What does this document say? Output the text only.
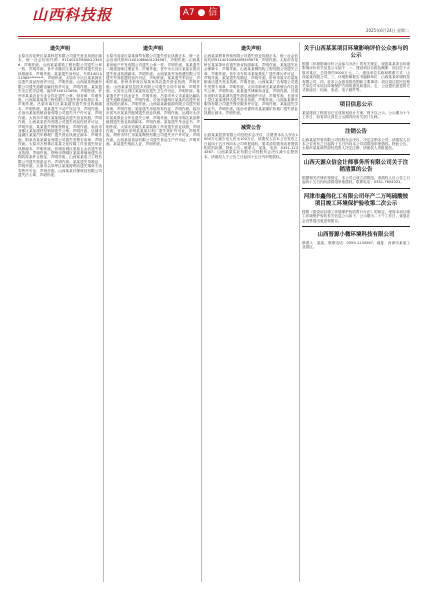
山西科技报	A7 ● 信息	2025年6月24日 星期二
遗失声明

太原市杏花岭区某某科技有限公司遗失营业执照正副本，统一社会信用代码：91140107MA0K123456，声明作废。山西某某建筑工程有限公司遗失公章一枚，声明作废。晋中市榆次区某某商贸部遗失营业执照副本，声明作废。某某遗失身份证，号码1401021985********，声明作废。太原市小店区某某餐饮店遗失食品经营许可证，声明作废。山西某某物流有限公司遗失道路运输经营许可证，声明作废。某某遗失出生医学证明，编号P140123456，声明作废。忻州市某某农业专业合作社遗失公章、财务章，声明作废。山西某某装饰工程有限公司遗失营业执照正本，声明作废。吕梁市离石区某某超市遗失营业执照副本，声明作废。某某遗失不动产权证书，声明作废。长治市某某机械设备有限公司遗失开户许可证，声明作废。大同市平城区某某服装店遗失营业执照，声明作废。山西某某医药有限公司遗失药品经营许可证，声明作废。某某遗失教师资格证，声明作废。临汾市尧都区某某建材经销部遗失公章，声明作废。运城市盐湖区某某汽车修理厂遗失营业执照正副本，声明作废。阳泉市某某煤业有限公司遗失发票专用章，声明作废。太原市万柏林区某某文化传媒工作室遗失营业执照副本，声明作废。晋城市城区某某五金店遗失营业执照，声明作废。朔州市朔城区某某养殖场遗失动物防疫条件合格证，声明作废。山西某某电力工程有限公司遗失资质证书，声明作废。某某遗失驾驶证，声明作废。太原市尖草坪区某某便利店遗失烟草专卖零售许可证，声明作废。山西某某环保科技有限公司遗失法人章，声明作废。

遗失声明

太原市迎泽区某某商贸有限公司遗失营业执照正本，统一社会信用代码91140106MA0L234567，声明作废。山西某某房地产开发有限公司遗失公章一枚，声明作废。某某遗失二级建造师注册证书，声明作废。晋中市太谷区某某农资店遗失营业执照副本，声明作废。山西某某劳务派遣有限公司遗失劳务派遣经营许可证，声明作废。某某遗失军官证，声明作废。忻州市忻府区某某家具店遗失营业执照，声明作废。山西某某信息技术有限公司遗失合同专用章，声明作废。大同市云冈区某某饭店遗失卫生许可证，声明作废。某某遗失护士执业证书，声明作废。吕梁市孝义市某某运输队遗失道路运输证，声明作废。长治市潞州区某某药店遗失营业执照正副本，声明作废。山西某某新能源有限公司遗失财务章，声明作废。某某遗失房屋所有权证，声明作废。临汾市侯马市某某汽配城遗失营业执照，声明作废。运城市永济市某某果业合作社遗失公章，声明作废。阳泉市郊区某某种植园遗失营业执照副本，声明作废。某某遗失毕业证书，声明作废。太原市晋源区某某装修工作室遗失营业执照，声明作废。晋城市泽州县某某石料厂遗失采矿许可证，声明作废。朔州市怀仁市某某陶瓷有限公司遗失开户许可证，声明作废。山西某某食品有限公司遗失食品生产许可证，声明作废。某某遗失残疾人证，声明作废。

遗失声明

山西某某教育咨询有限公司遗失营业执照正本，统一社会信用代码91140105MA0M345678，声明作废。太原市杏花岭区某某茶叶店遗失营业执照副本，声明作废。某某遗失社会保障卡，声明作废。山西某某钢结构工程有限公司遗失公章，声明作废。晋中市介休市某某焦化厂遗失排污许可证，声明作废。某某遗失结婚证，声明作废。忻州市原平市某某粮油店遗失营业执照，声明作废。山西某某广告有限公司遗失发票专用章，声明作废。大同市新荣区某某养殖合作社遗失公章，声明作废。某某遗失律师执业证，声明作废。吕梁市汾阳市某某酒坊遗失酒类流通许可证，声明作废。长治市上党区某某建材店遗失营业执照，声明作废。山西某某保安服务有限公司遗失保安服务许可证，声明作废。某某遗失学位证书，声明作废。临汾市霍州市某某煤矿机械厂遗失营业执照正副本，声明作废。

减资公告

山西某某投资有限公司经股东会决议，注册资本由人民币1000万元减少至人民币100万元，请债权人自本公告发布之日起四十五日内向本公司申报债权，要求清偿债务或者提供相应的担保。特此公告。联系人：某某，电话：0351-1234567。山西某某实业有限公司经股东会决议减少注册资本，请债权人于公告之日起四十五日内申报债权。

关于山西某某项目环境影响评价公众参与的公示

根据《环境影响评价公众参与办法》的有关规定，现将某某项目环境影响评价有关信息公示如下：一、建设项目名称及概要：项目位于太原市某区，总投资约5000万元。二、建设单位名称和联系方式：山西某某有限公司。三、环境影响报告书编制单位：山西某某环境科技有限公司。四、征求公众意见的范围和主要事项：项目周边居民及相关单位对本项目环境保护方面的意见和建议。五、公众提出意见的方式和途径：信函、电话、电子邮件等。

项目信息公示

某某建设工程项目已完成规划设计方案，现予以公示，公示期为十个工作日，如有异议请在公示期内向有关部门反映。

注销公告

山西某某贸易有限公司经股东会决议，决定注销本公司，请债权人自本公告发布之日起四十五日内向本公司清算组申报债权。特此公告。太原市某某商贸部经投资人决定注销，请债权人申报债权。

山西天源众信会计师事务所有限公司关于注销清算的公告

根据相关法律法规规定，本公司已成立清算组，请债权人自公告之日起四十五日内向清算组申报债权。联系电话：0351-7654321。

河津市鑫伟化工有限公司年产二万吨硫酸铵项目竣工环境保护验收第二次公示

按照《建设项目竣工环境保护验收暂行办法》的规定，现将本项目竣工环境保护验收有关信息公示如下，公示期为二十个工作日，欢迎社会各界提出意见和建议。

山西晋源小微环境科技有限公司

联系人：某某。联系电话：0359-1234567。地址：河津市某某工业园区。
